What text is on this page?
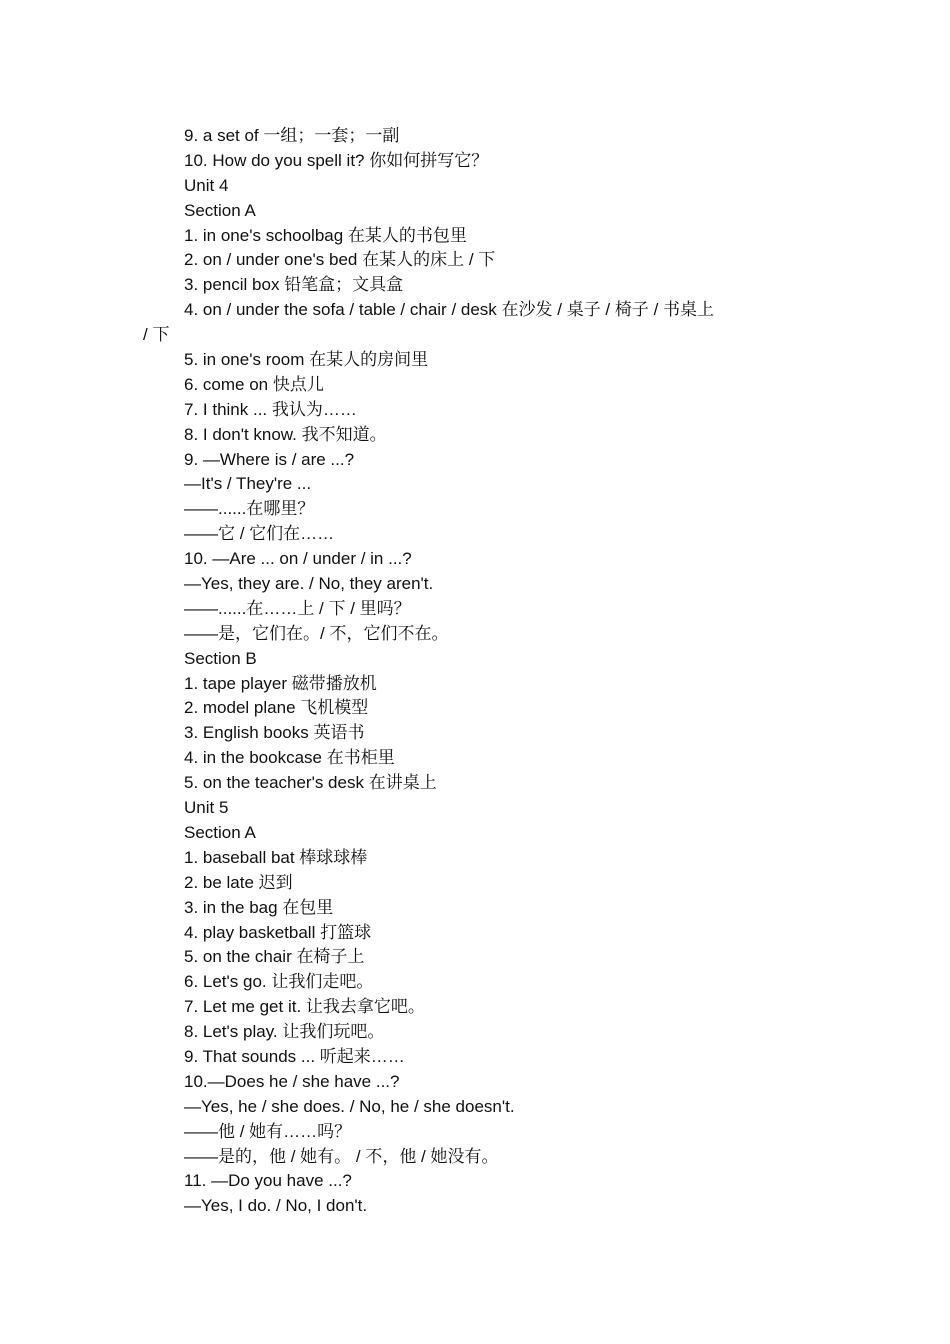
9. a set of 一组；一套；一副
10. How do you spell it? 你如何拼写它？
Unit 4
Section A
1. in one's schoolbag 在某人的书包里
2. on / under one's bed 在某人的床上 / 下
3. pencil box 铅笔盒；文具盒
4. on / under the sofa / table / chair / desk 在沙发 / 桌子 / 椅子 / 书桌上
/ 下
5. in one's room 在某人的房间里
6. come on 快点儿
7. I think ... 我认为……
8. I don't know. 我不知道。
9. —Where is / are ...?
—It's / They're ...
——......在哪里？
——它 / 它们在……
10. —Are ... on / under / in ...?
—Yes, they are. / No, they aren't.
——......在……上 / 下 / 里吗？
——是，它们在。/ 不，它们不在。
Section B
1. tape player 磁带播放机
2. model plane 飞机模型
3. English books 英语书
4. in the bookcase 在书柜里
5. on the teacher's desk 在讲桌上
Unit 5
Section A
1. baseball bat 棒球球棒
2. be late 迟到
3. in the bag 在包里
4. play basketball 打篮球
5. on the chair 在椅子上
6. Let's go. 让我们走吧。
7. Let me get it. 让我去拿它吧。
8. Let's play. 让我们玩吧。
9. That sounds ... 听起来……
10.—Does he / she have ...?
—Yes, he / she does. / No, he / she doesn't.
——他 / 她有……吗？
——是的，他 / 她有。 / 不，他 / 她没有。
11. —Do you have ...?
—Yes, I do. / No, I don't.
